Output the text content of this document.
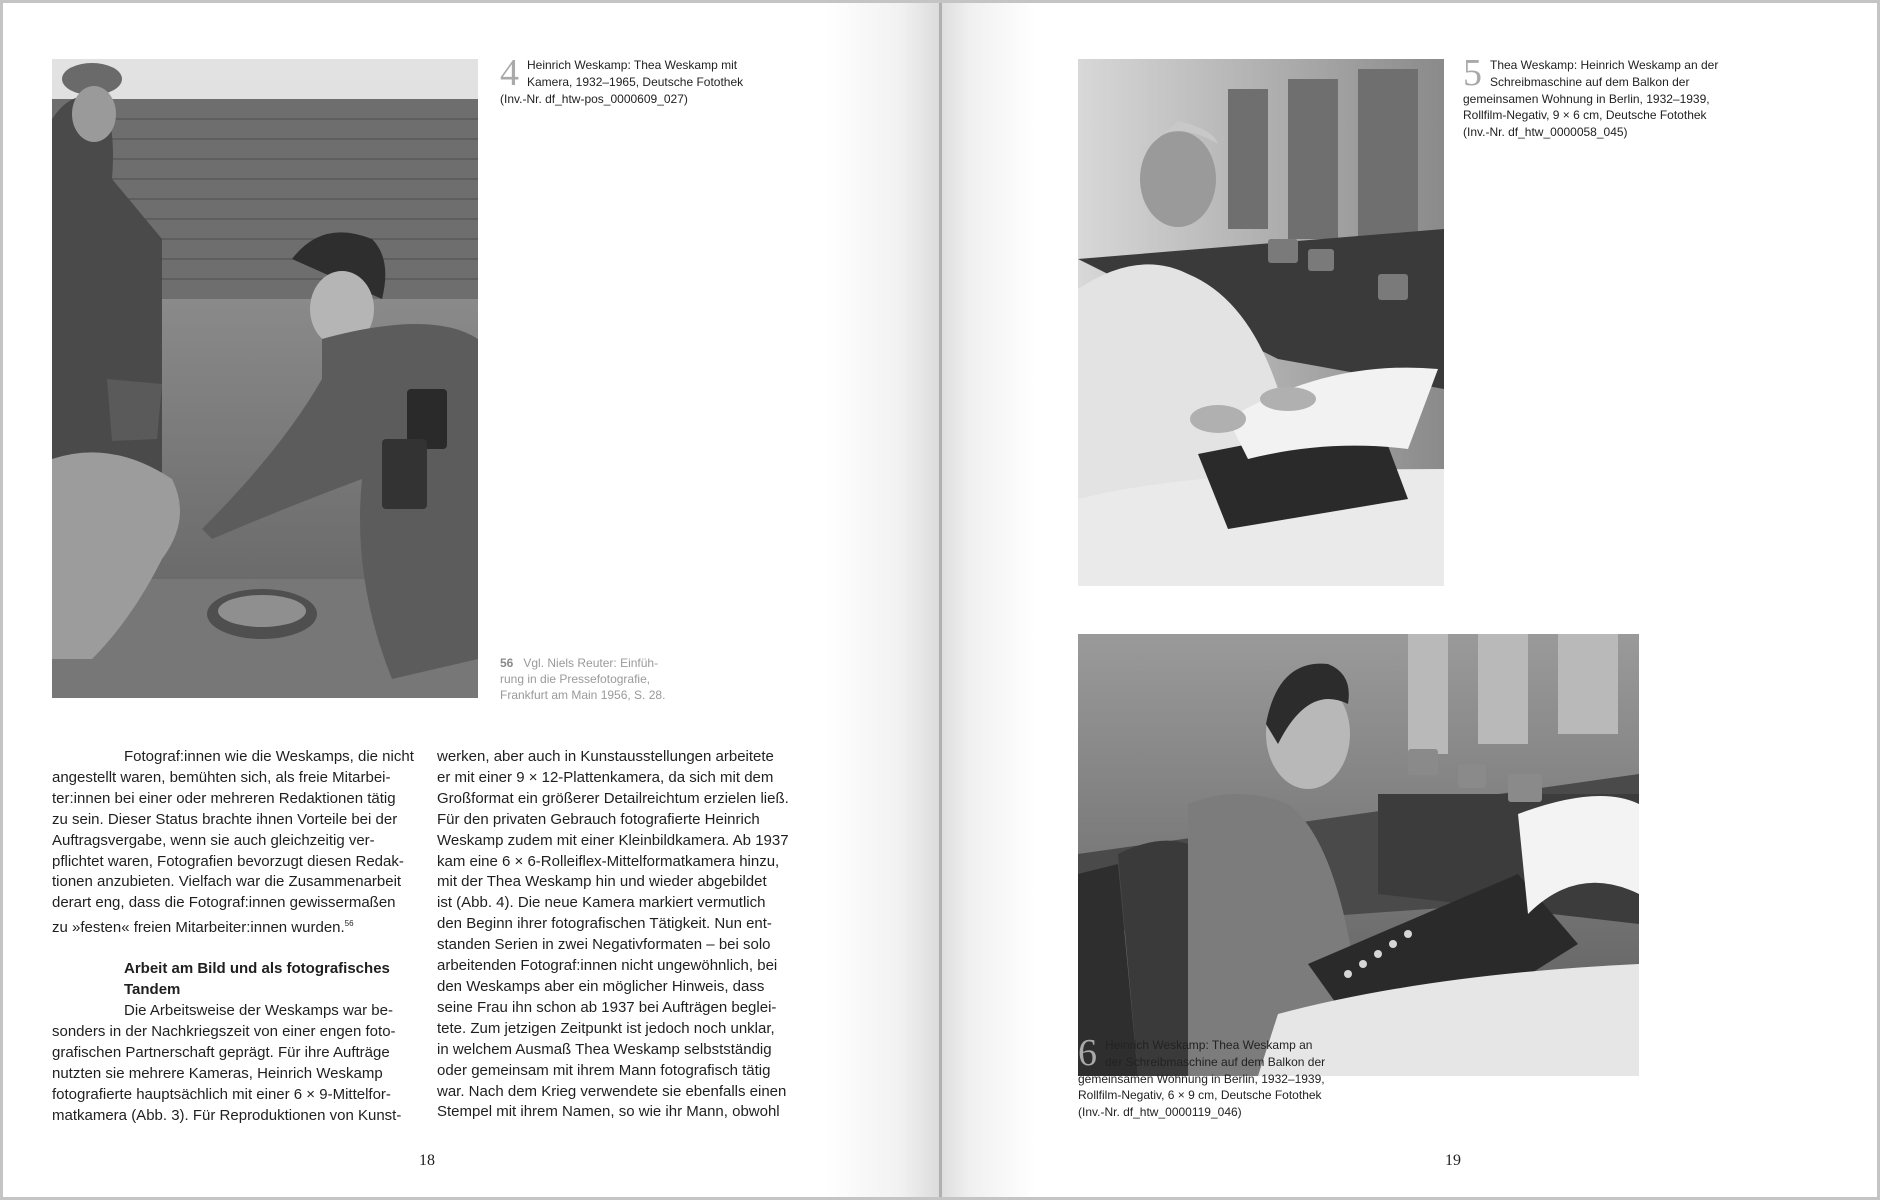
4 Heinrich Weskamp: Thea Weskamp mit
Kamera, 1932–1965, Deutsche Fotothek
(Inv.-Nr. df_htw-pos_0000609_027)
56 Vgl. Niels Reuter: Einfüh-
rung in die Pressefotografie,
Frankfurt am Main 1956, S. 28.

Fotograf:innen wie die Weskamps, die nicht

angestellt waren, bemühten sich, als freie Mitarbei-

ter:innen bei einer oder mehreren Redaktionen tätig

zu sein. Dieser Status brachte ihnen Vorteile bei der

Auftragsvergabe, wenn sie auch gleichzeitig ver-

pflichtet waren, Fotografien bevorzugt diesen Redak-

tionen anzubieten. Vielfach war die Zusammenarbeit

derart eng, dass die Fotograf:innen gewissermaßen

zu »festen« freien Mitarbeiter:innen wurden.$^{56}$

Arbeit am Bild und als fotografisches

Tandem

Die Arbeitsweise der Weskamps war be-

sonders in der Nachkriegszeit von einer engen foto-

grafischen Partnerschaft geprägt. Für ihre Aufträge

nutzten sie mehrere Kameras, Heinrich Weskamp

fotografierte hauptsächlich mit einer 6 × 9-Mittelfor-

matkamera (Abb. 3). Für Reproduktionen von Kunst-

werken, aber auch in Kunstausstellungen arbeitete

er mit einer 9 × 12-Plattenkamera, da sich mit dem

Großformat ein größerer Detailreichtum erzielen ließ.

Für den privaten Gebrauch fotografierte Heinrich

Weskamp zudem mit einer Kleinbildkamera. Ab 1937

kam eine 6 × 6-Rolleiflex-Mittelformatkamera hinzu,

mit der Thea Weskamp hin und wieder abgebildet

ist (Abb. 4). Die neue Kamera markiert vermutlich

den Beginn ihrer fotografischen Tätigkeit. Nun ent-

standen Serien in zwei Negativformaten – bei solo

arbeitenden Fotograf:innen nicht ungewöhnlich, bei

den Weskamps aber ein möglicher Hinweis, dass

seine Frau ihn schon ab 1937 bei Aufträgen beglei-

tete. Zum jetzigen Zeitpunkt ist jedoch noch unklar,

in welchem Ausmaß Thea Weskamp selbstständig

oder gemeinsam mit ihrem Mann fotografisch tätig

war. Nach dem Krieg verwendete sie ebenfalls einen

Stempel mit ihrem Namen, so wie ihr Mann, obwohl

18
5 Thea Weskamp: Heinrich Weskamp an der
Schreibmaschine auf dem Balkon der
gemeinsamen Wohnung in Berlin, 1932–1939,
Rollfilm-Negativ, 9 × 6 cm, Deutsche Fotothek
(Inv.-Nr. df_htw_0000058_045)
6 Heinrich Weskamp: Thea Weskamp an
der Schreibmaschine auf dem Balkon der
gemeinsamen Wohnung in Berlin, 1932–1939,
Rollfilm-Negativ, 6 × 9 cm, Deutsche Fotothek
(Inv.-Nr. df_htw_0000119_046)
19
